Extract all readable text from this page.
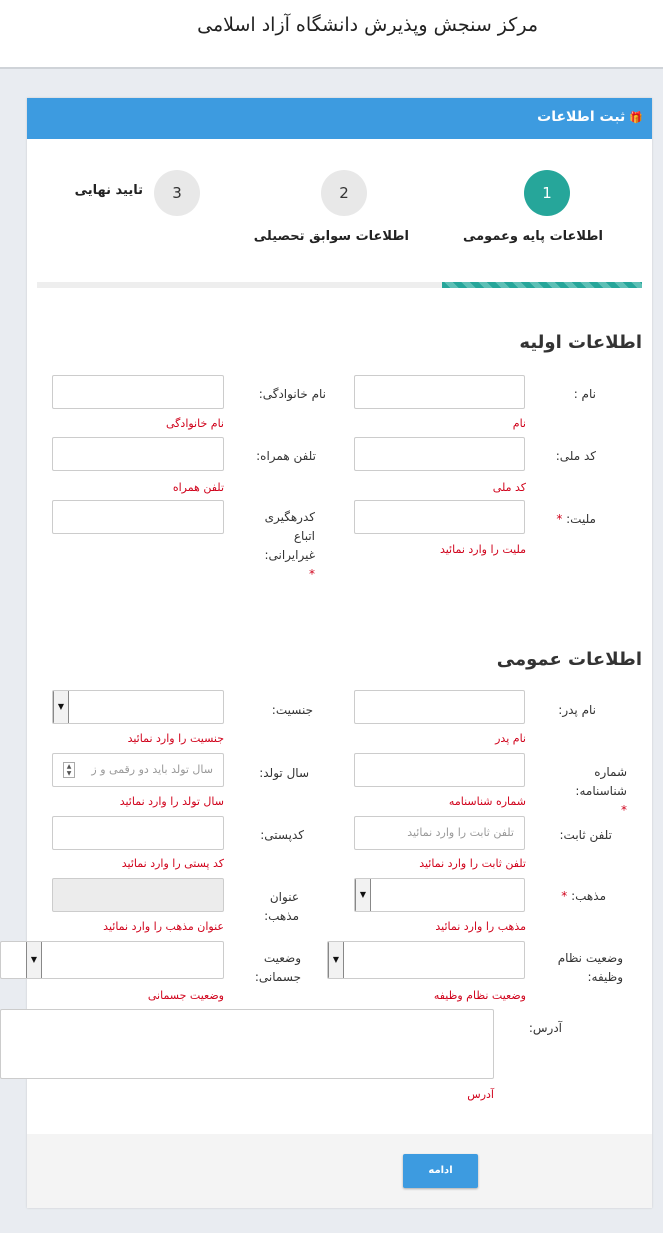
مرکز سنجش وپذیرش دانشگاه آزاد اسلامی
🎁ثبت اطلاعات
1
اطلاعات پایه وعمومی
2
اطلاعات سوابق تحصیلی
3
تایید نهایی
اطلاعات اولیه
نام :
نام
نام خانوادگی:
نام خانوادگی
کد ملی:
کد ملی
تلفن همراه:
تلفن همراه
ملیت: *
ملیت را وارد نمائید
کدرهگیری
اتباع
غیرایرانی: *
اطلاعات عمومی
نام پدر:
نام پدر
جنسیت:
▼
جنسیت را وارد نمائید
شماره
شناسنامه: *
شماره شناسنامه
سال تولد:
سال تولد باید دو رقمی و ز
▲
▼
سال تولد را وارد نمائید
تلفن ثابت:
تلفن ثابت را وارد نمائید
تلفن ثابت را وارد نمائید
کدپستی:
کد پستی را وارد نمائید
مذهب: *
▼
مذهب را وارد نمائید
عنوان
مذهب:
عنوان مذهب را وارد نمائید
وضعیت نظام
وظیفه:
▼
وضعیت نظام وظیفه
وضعیت
جسمانی:
▼
وضعیت جسمانی
آدرس:
آدرس
ادامه
